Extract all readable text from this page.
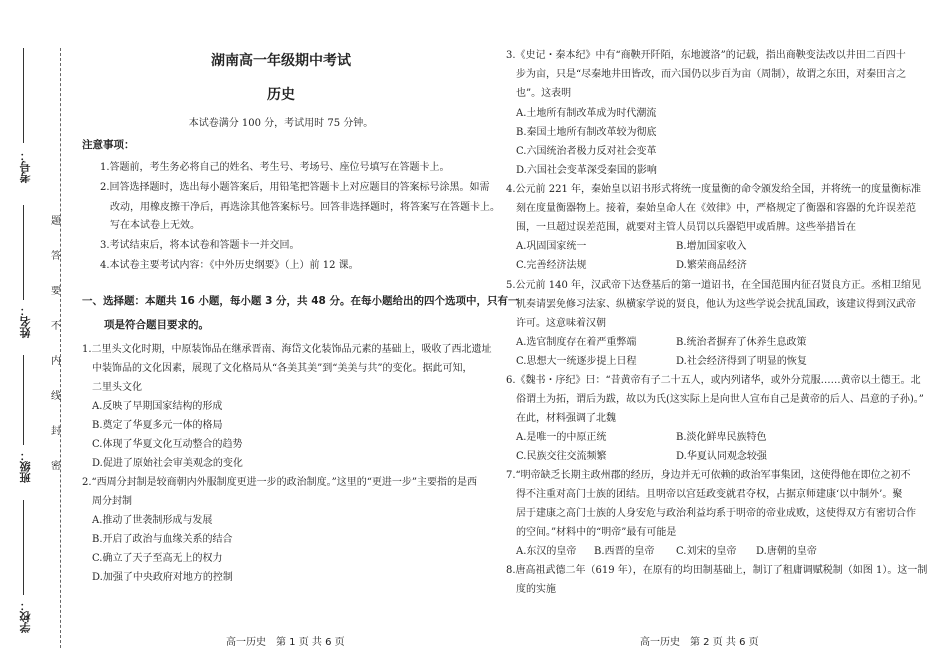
考号：
姓名：
班级：
学校：
题
答
要
不
内
线
封
密
湖南高一年级期中考试
历史
本试卷满分 100 分，考试用时 75 分钟。
注意事项：
1.答题前，考生务必将自己的姓名、考生号、考场号、座位号填写在答题卡上。
2.回答选择题时，选出每小题答案后，用铅笔把答题卡上对应题目的答案标号涂黑。如需
改动，用橡皮擦干净后，再选涂其他答案标号。回答非选择题时，将答案写在答题卡上。
写在本试卷上无效。
3.考试结束后，将本试卷和答题卡一并交回。
4.本试卷主要考试内容：《中外历史纲要》（上）前 12 课。
一、选择题：本题共 16 小题，每小题 3 分，共 48 分。在每小题给出的四个选项中，只有一
项是符合题目要求的。
1.二里头文化时期，中原装饰品在继承晋南、海岱文化装饰品元素的基础上，吸收了西北遗址
中装饰品的文化因素，展现了文化格局从“各美其美”到“美美与共”的变化。据此可知，
二里头文化
A.反映了早期国家结构的形成
B.奠定了华夏多元一体的格局
C.体现了华夏文化互动整合的趋势
D.促进了原始社会审美观念的变化
2.“西周分封制是较商朝内外服制度更进一步的政治制度。”这里的“更进一步”主要指的是西
周分封制
A.推动了世袭制形成与发展
B.开启了政治与血缘关系的结合
C.确立了天子至高无上的权力
D.加强了中央政府对地方的控制
3.《史记・秦本纪》中有“商鞅开阡陌，东地渡洛”的记载，指出商鞅变法改以井田二百四十
步为亩，只是“尽秦地井田皆改，而六国仍以步百为亩（周制），故谓之东田，对秦田言之
也”。这表明
A.土地所有制改革成为时代潮流
B.秦国土地所有制改革较为彻底
C.六国统治者极力反对社会变革
D.六国社会变革深受秦国的影响
4.公元前 221 年，秦始皇以诏书形式将统一度量衡的命令颁发给全国，并将统一的度量衡标准
刻在度量衡器物上。接着，秦始皇命人在《效律》中，严格规定了衡器和容器的允许误差范
围，一旦超过误差范围，就要对主管人员罚以兵器铠甲或盾牌。这些举措旨在
A.巩固国家统一	B.增加国家收入
C.完善经济法规	D.繁荣商品经济
5.公元前 140 年，汉武帝下达登基后的第一道诏书，在全国范围内征召贤良方正。丞相卫绾见
机奏请罢免修习法家、纵横家学说的贤良，他认为这些学说会扰乱国政，该建议得到汉武帝
许可。这意味着汉朝
A.选官制度存在着严重弊端	B.统治者摒弃了休养生息政策
C.思想大一统逐步提上日程	D.社会经济得到了明显的恢复
6.《魏书・序纪》曰：“昔黄帝有子二十五人，或内列诸华，或外分荒服……黄帝以土德王。北
俗谓土为拓，谓后为跋，故以为氏(这实际上是向世人宣布自己是黄帝的后人、昌意的子孙)。”
在此，材料强调了北魏
A.是唯一的中原正统	B.淡化鲜卑民族特色
C.民族交往交流频繁	D.华夏认同观念较强
7.“明帝缺乏长期主政州郡的经历，身边并无可依赖的政治军事集团，这使得他在即位之初不
得不注重对高门士族的团结。且明帝以宫廷政变就君夺权，占据京师建康‘以中制外’。聚
居于建康之高门士族的人身安危与政治利益均系于明帝的帝业成败，这使得双方有密切合作
的空间。”材料中的“明帝”最有可能是
A.东汉的皇帝 B.西晋的皇帝 C.刘宋的皇帝 D.唐朝的皇帝
8.唐高祖武德二年（619 年），在原有的均田制基础上，制订了租庸调赋税制（如图 1）。这一制
度的实施
高一历史　第 1 页 共 6 页	高一历史　第 2 页 共 6 页
